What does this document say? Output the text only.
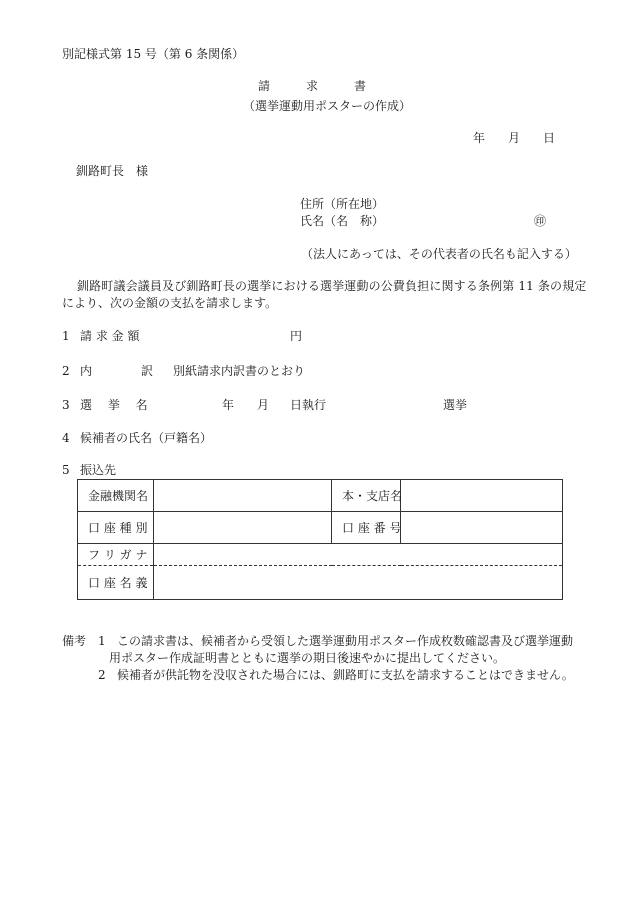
別記様式第 15 号（第 6 条関係）
請　　　求　　　書
（選挙運動用ポスターの作成）
年 月 日
釧路町長　様
住所（所在地）
氏名（名　称）	㊞
（法人にあっては、その代表者の氏名も記入する）
釧路町議会議員及び釧路町長の選挙における選挙運動の公費負担に関する条例第 11 条の規定
により、次の金額の支払を請求します。
1 請 求 金 額	円
2 内	訳 別紙請求内訳書のとおり
3 選　 挙　 名	年 月 日執行	選挙
4 候補者の氏名（戸籍名）
5 振込先
金融機関名		本・支店名	
口 座 種 別		口 座 番 号	
フ リ ガ ナ			
口 座 名 義			
備考 1 この請求書は、候補者から受領した選挙運動用ポスター作成枚数確認書及び選挙運動
用ポスター作成証明書とともに選挙の期日後速やかに提出してください。
2 候補者が供託物を没収された場合には、釧路町に支払を請求することはできません。
